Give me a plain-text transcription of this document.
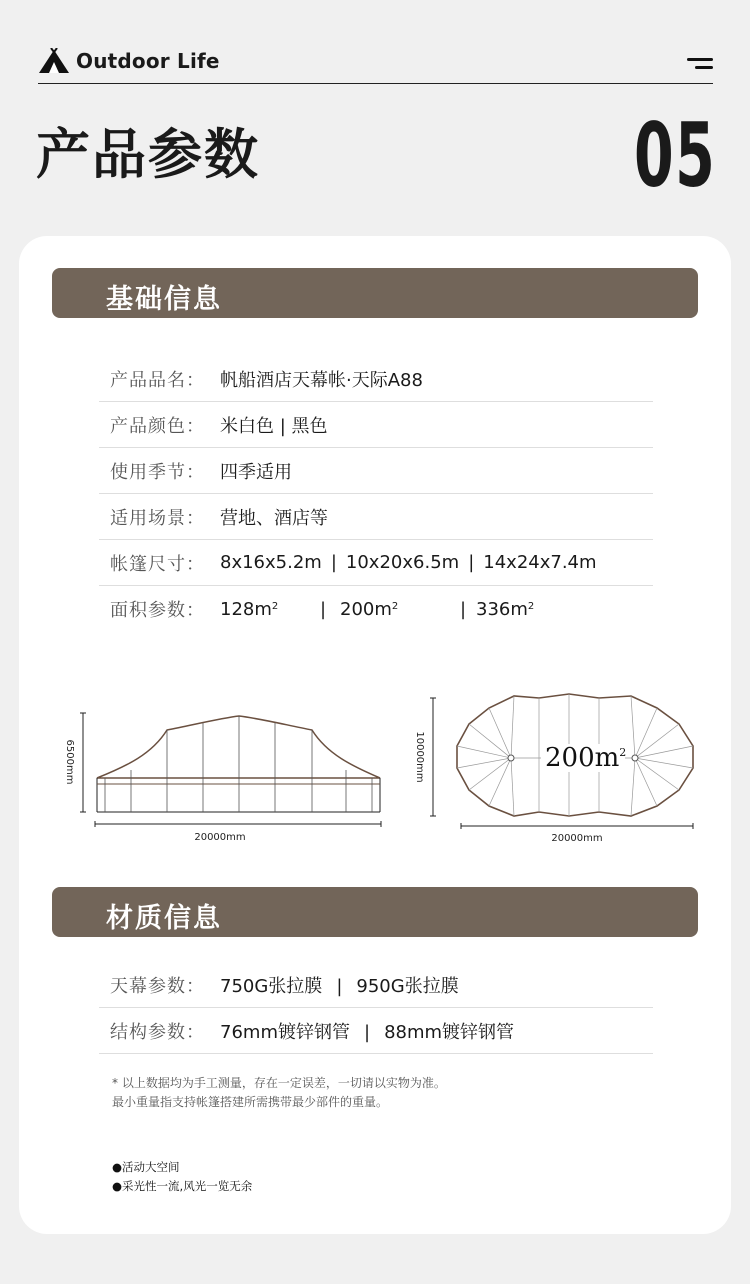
Outdoor Life
产品参数	05
基础信息
产品品名： 帆船酒店天幕帐·天际A88
产品颜色： 米白色 | 黑色
使用季节： 四季适用
适用场景： 营地、酒店等
帐篷尺寸： 8x16x5.2m | 10x20x6.5m | 14x24x7.4m
面积参数： $128m^2$ | $200m^2$	| $336m^2$
20000mm
6500mm	$200m^2$
20000mm
10000mm
材质信息
天幕参数： 750G张拉膜 | 950G张拉膜
结构参数： 76mm镀锌钢管 | 88mm镀锌钢管
* 以上数据均为手工测量，存在一定误差，一切请以实物为准。
最小重量指支持帐篷搭建所需携带最少部件的重量。
●活动大空间
●采光性一流,风光一览无余
